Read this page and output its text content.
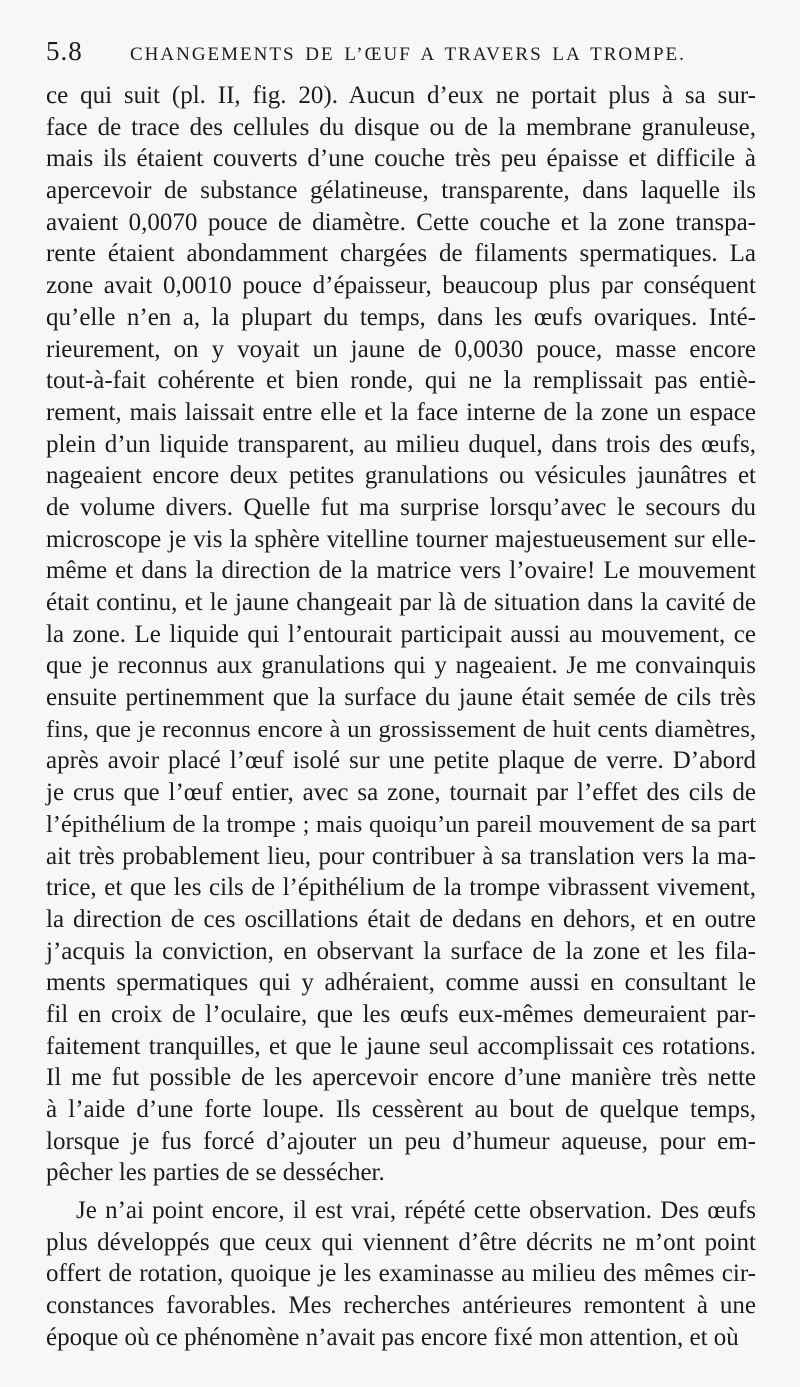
5.8	CHANGEMENTS DE L’ŒUF A TRAVERS LA TROMPE.
ce qui suit (pl. II, fig. 20). Aucun d’eux ne portait plus à sa sur-
face de trace des cellules du disque ou de la membrane granuleuse,
mais ils étaient couverts d’une couche très peu épaisse et difficile à
apercevoir de substance gélatineuse, transparente, dans laquelle ils
avaient 0,0070 pouce de diamètre. Cette couche et la zone transpa-
rente étaient abondamment chargées de filaments spermatiques. La
zone avait 0,0010 pouce d’épaisseur, beaucoup plus par conséquent
qu’elle n’en a, la plupart du temps, dans les œufs ovariques. Inté-
rieurement, on y voyait un jaune de 0,0030 pouce, masse encore
tout-à-fait cohérente et bien ronde, qui ne la remplissait pas entiè-
rement, mais laissait entre elle et la face interne de la zone un espace
plein d’un liquide transparent, au milieu duquel, dans trois des œufs,
nageaient encore deux petites granulations ou vésicules jaunâtres et
de volume divers. Quelle fut ma surprise lorsqu’avec le secours du
microscope je vis la sphère vitelline tourner majestueusement sur elle-
même et dans la direction de la matrice vers l’ovaire! Le mouvement
était continu, et le jaune changeait par là de situation dans la cavité de
la zone. Le liquide qui l’entourait participait aussi au mouvement, ce
que je reconnus aux granulations qui y nageaient. Je me convainquis
ensuite pertinemment que la surface du jaune était semée de cils très
fins, que je reconnus encore à un grossissement de huit cents diamètres,
après avoir placé l’œuf isolé sur une petite plaque de verre. D’abord
je crus que l’œuf entier, avec sa zone, tournait par l’effet des cils de
l’épithélium de la trompe ; mais quoiqu’un pareil mouvement de sa part
ait très probablement lieu, pour contribuer à sa translation vers la ma-
trice, et que les cils de l’épithélium de la trompe vibrassent vivement,
la direction de ces oscillations était de dedans en dehors, et en outre
j’acquis la conviction, en observant la surface de la zone et les fila-
ments spermatiques qui y adhéraient, comme aussi en consultant le
fil en croix de l’oculaire, que les œufs eux-mêmes demeuraient par-
faitement tranquilles, et que le jaune seul accomplissait ces rotations.
Il me fut possible de les apercevoir encore d’une manière très nette
à l’aide d’une forte loupe. Ils cessèrent au bout de quelque temps,
lorsque je fus forcé d’ajouter un peu d’humeur aqueuse, pour em-
pêcher les parties de se dessécher.
Je n’ai point encore, il est vrai, répété cette observation. Des œufs
plus développés que ceux qui viennent d’être décrits ne m’ont point
offert de rotation, quoique je les examinasse au milieu des mêmes cir-
constances favorables. Mes recherches antérieures remontent à une
époque où ce phénomène n’avait pas encore fixé mon attention, et où
